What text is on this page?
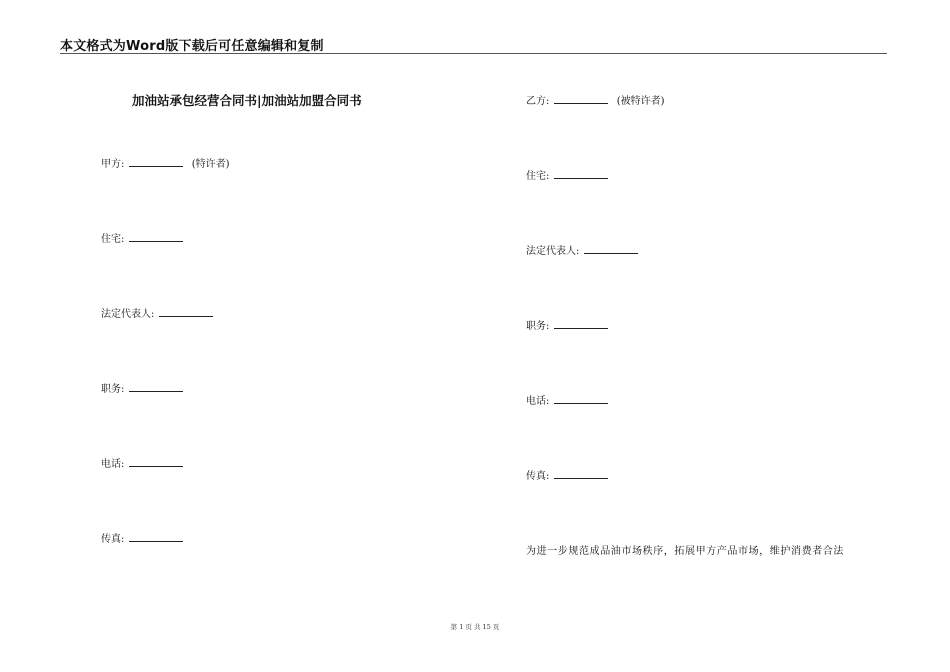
本文格式为Word版下载后可任意编辑和复制
加油站承包经营合同书|加油站加盟合同书
甲方:	(特许者)
住宅:
法定代表人:
职务:
电话:
传真:
乙方:	(被特许者)
住宅:
法定代表人:
职务:
电话:
传真:
为进一步规范成品油市场秩序，拓展甲方产品市场，维护消费者合法
第 1 页 共 15 页
